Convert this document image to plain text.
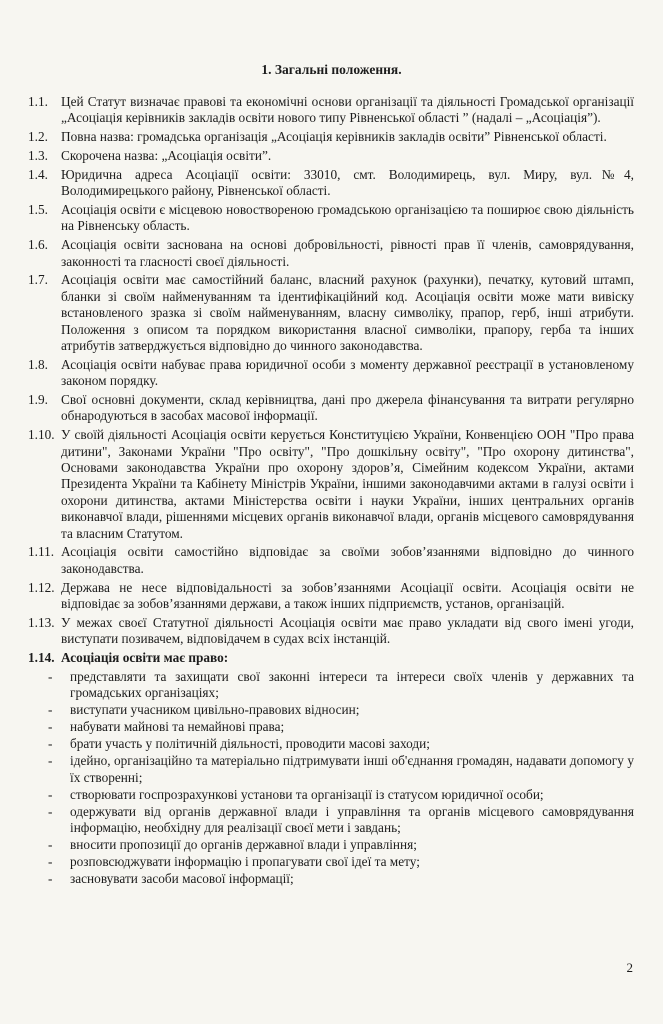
1. Загальні положення.
1.1. Цей Статут визначає правові та економічні основи організації та діяльності Громадської організації „Асоціація керівників закладів освіти нового типу Рівненської області ” (надалі – „Асоціація”).
1.2. Повна назва: громадська організація „Асоціація керівників закладів освіти” Рівненської області.
1.3. Скорочена назва: „Асоціація освіти”.
1.4. Юридична адреса Асоціації освіти: 33010, смт. Володимирець, вул. Миру, вул.№4, Володимирецького району, Рівненської області.
1.5. Асоціація освіти є місцевою новоствореною громадською організацією та поширює свою діяльність на Рівненську область.
1.6. Асоціація освіти заснована на основі добровільності, рівності прав її членів, самоврядування, законності та гласності своєї діяльності.
1.7. Асоціація освіти має самостійний баланс, власний рахунок (рахунки), печатку, кутовий штамп, бланки зі своїм найменуванням та ідентифікаційний код. Асоціація освіти може мати вивіску встановленого зразка зі своїм найменуванням, власну символіку, прапор, герб, інші атрибути. Положення з описом та порядком використання власної символіки, прапору, герба та інших атрибутів затверджується відповідно до чинного законодавства.
1.8. Асоціація освіти набуває права юридичної особи з моменту державної реєстрації в установленому законом порядку.
1.9. Свої основні документи, склад керівництва, дані про джерела фінансування та витрати регулярно обнародуються в засобах масової інформації.
1.10. У своїй діяльності Асоціація освіти керується Конституцією України, Конвенцією ООН "Про права дитини", Законами України "Про освіту", "Про дошкільну освіту", "Про охорону дитинства", Основами законодавства України про охорону здоров’я, Сімейним кодексом України, актами Президента України та Кабінету Міністрів України, іншими законодавчими актами в галузі освіти і охорони дитинства, актами Міністерства освіти і науки України, інших центральних органів виконавчої влади, рішеннями місцевих органів виконавчої влади, органів місцевого самоврядування та власним Статутом.
1.11. Асоціація освіти самостійно відповідає за своїми зобов’язаннями відповідно до чинного законодавства.
1.12. Держава не несе відповідальності за зобов’язаннями Асоціації освіти. Асоціація освіти не відповідає за зобов’язаннями держави, а також інших підприємств, установ, організацій.
1.13. У межах своєї Статутної діяльності Асоціація освіти має право укладати від свого імені угоди, виступати позивачем, відповідачем в судах всіх інстанцій.
1.14. Асоціація освіти має право:
-	представляти та захищати свої законні інтереси та інтереси своїх членів у державних та громадських організаціях;
-	виступати учасником цивільно-правових відносин;
-	набувати майнові та немайнові права;
-	брати участь у політичній діяльності, проводити масові заходи;
-	ідейно, організаційно та матеріально підтримувати інші об'єднання громадян, надавати допомогу у їх створенні;
-	створювати госпрозрахункові установи та організації із статусом юридичної особи;
-	одержувати від органів державної влади і управління та органів місцевого самоврядування інформацію, необхідну для реалізації своєї мети і завдань;
-	вносити пропозиції до органів державної влади і управління;
-	розповсюджувати інформацію і пропагувати свої ідеї та мету;
-	засновувати засоби масової інформації;
2
